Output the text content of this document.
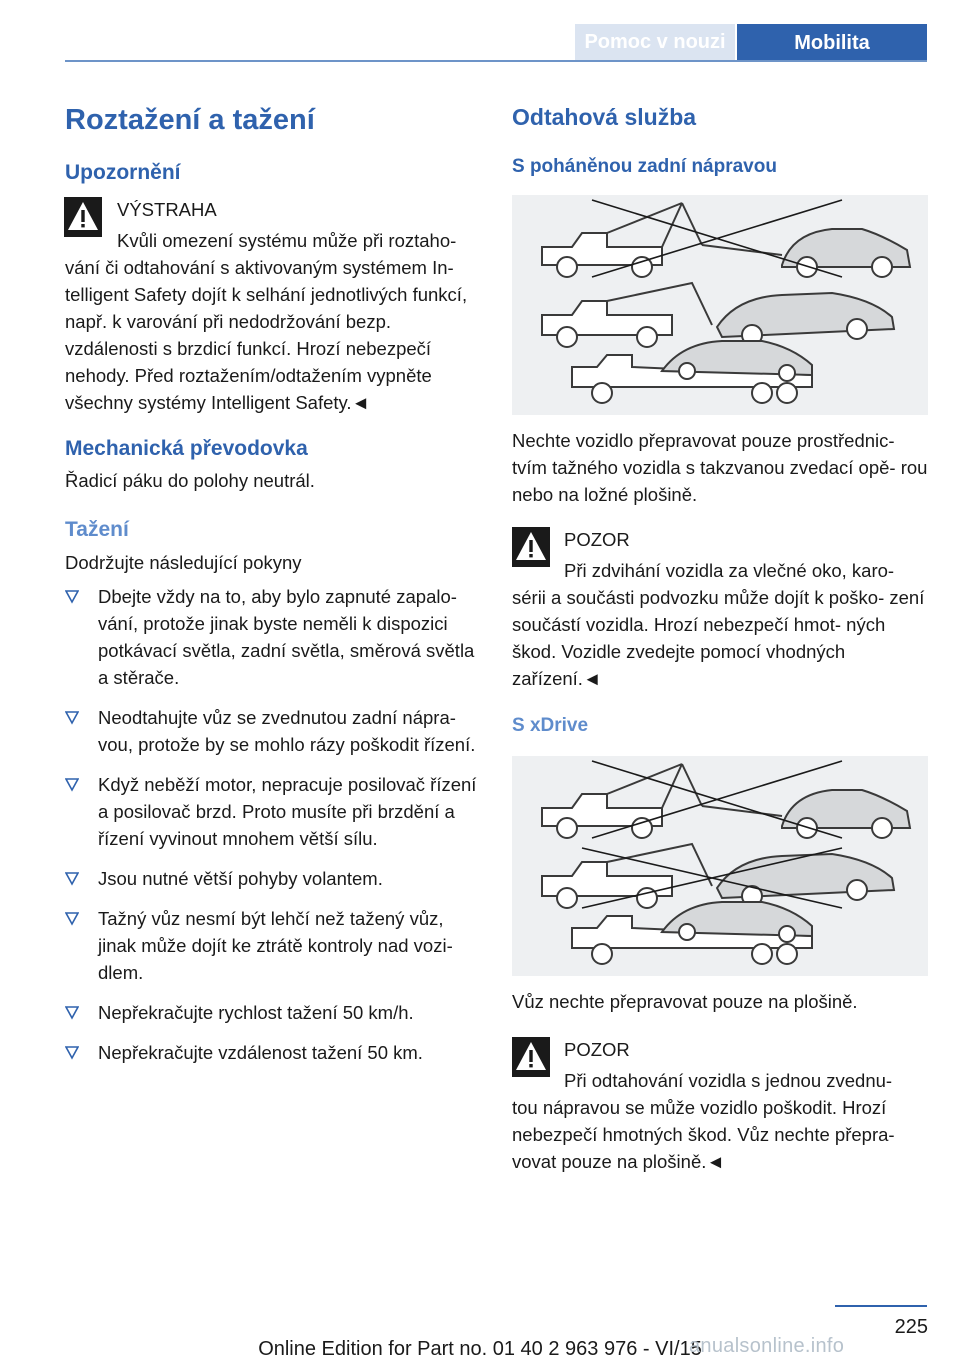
Pomoc v nouzi	Mobilita
Roztažení a tažení
Upozornění
VÝSTRAHA
Kvůli omezení systému může při roztaho‐
vání či odtahování s aktivovaným systémem In‐ telligent Safety dojít k selhání jednotlivých funkcí, např. k varování při nedodržování bezp. vzdálenosti s brzdicí funkcí. Hrozí nebezpečí nehody. Před roztažením/odtažením vypněte všechny systémy Intelligent Safety.◄
Mechanická převodovka
Řadicí páku do polohy neutrál.
Tažení
Dodržujte následující pokyny
Dbejte vždy na to, aby bylo zapnuté zapalo‐ vání, protože jinak byste neměli k dispozici potkávací světla, zadní světla, směrová světla a stěrače.
Neodtahujte vůz se zvednutou zadní nápra‐ vou, protože by se mohlo rázy poškodit řízení.
Když neběží motor, nepracuje posilovač řízení a posilovač brzd. Proto musíte při brzdění a řízení vyvinout mnohem větší sílu.
Jsou nutné větší pohyby volantem.
Tažný vůz nesmí být lehčí než tažený vůz, jinak může dojít ke ztrátě kontroly nad vozi‐ dlem.
Nepřekračujte rychlost tažení 50 km/h.
Nepřekračujte vzdálenost tažení 50 km.
Odtahová služba
S poháněnou zadní nápravou
Nechte vozidlo přepravovat pouze prostřednic‐ tvím tažného vozidla s takzvanou zvedací opě‐ rou nebo na ložné plošině.
POZOR
Při zdvihání vozidla za vlečné oko, karo‐
sérii a součásti podvozku může dojít k poško‐ zení součástí vozidla. Hrozí nebezpečí hmot‐ ných škod. Vozidle zvedejte pomocí vhodných zařízení.◄
S xDrive
Vůz nechte přepravovat pouze na plošině.
POZOR
Při odtahování vozidla s jednou zvednu‐
tou nápravou se může vozidlo poškodit. Hrozí nebezpečí hmotných škod. Vůz nechte přepra‐ vovat pouze na plošině.◄
225
Online Edition for Part no. 01 40 2 963 976 - VI/15
anualsonline.info
